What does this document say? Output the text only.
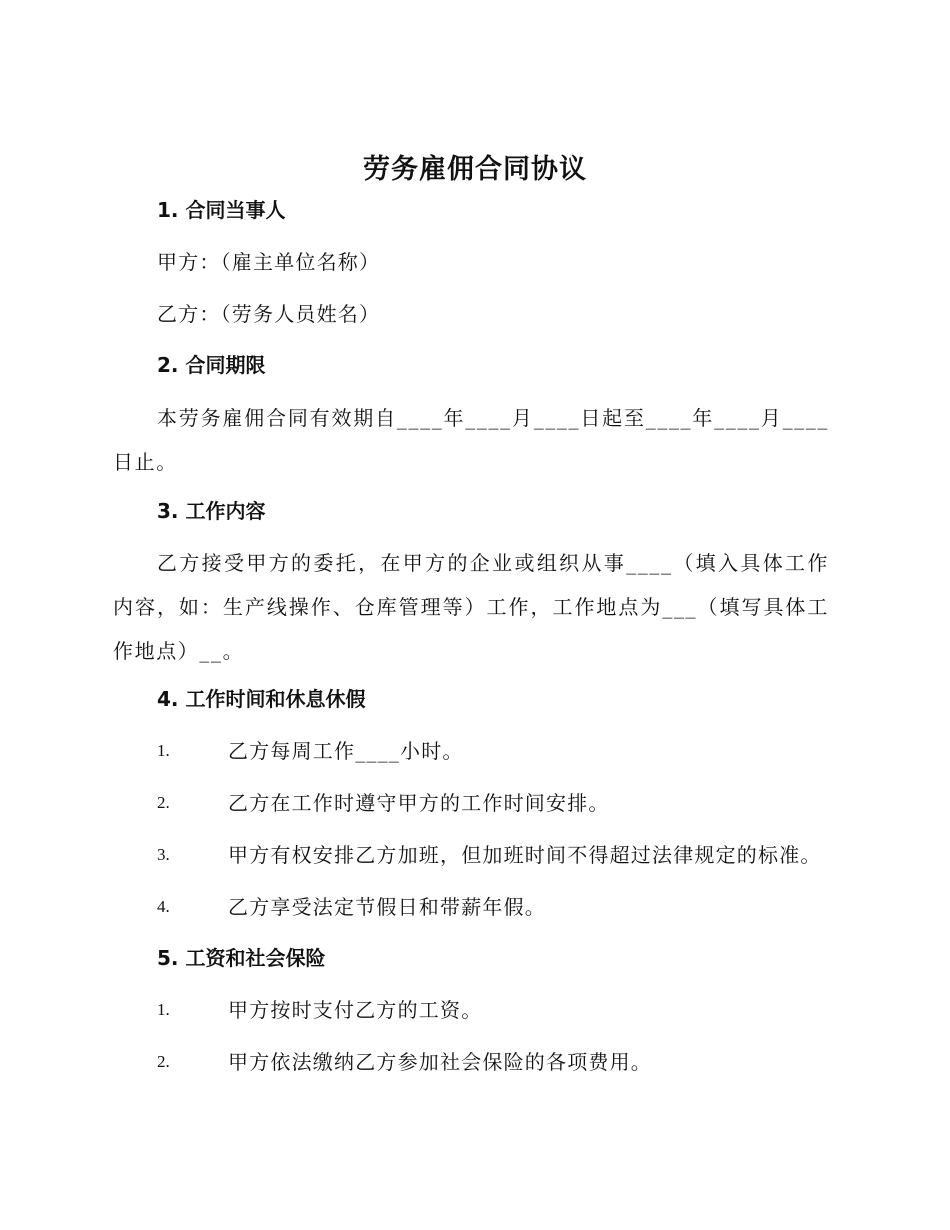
劳务雇佣合同协议
1. 合同当事人
甲方：（雇主单位名称）
乙方：（劳务人员姓名）
2. 合同期限
本劳务雇佣合同有效期自____年____月____日起至____年____月____日止。
3. 工作内容
乙方接受甲方的委托，在甲方的企业或组织从事____（填入具体工作内容，如：生产线操作、仓库管理等）工作，工作地点为___（填写具体工作地点）__。
4. 工作时间和休息休假
1.	乙方每周工作____小时。
2.	乙方在工作时遵守甲方的工作时间安排。
3.	甲方有权安排乙方加班，但加班时间不得超过法律规定的标准。
4.	乙方享受法定节假日和带薪年假。
5. 工资和社会保险
1.	甲方按时支付乙方的工资。
2.	甲方依法缴纳乙方参加社会保险的各项费用。
